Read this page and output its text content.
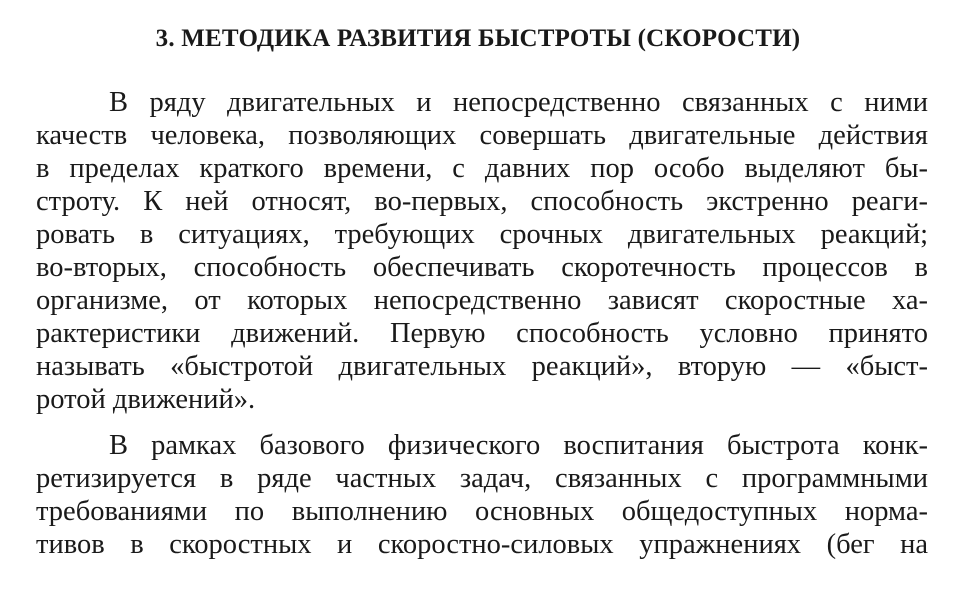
3. МЕТОДИКА РАЗВИТИЯ БЫСТРОТЫ (СКОРОСТИ)
В ряду двигательных и непосредственно связанных с ними
качеств человека, позволяющих совершать двигательные действия
в пределах краткого времени, с давних пор особо выделяют бы-
строту. К ней относят, во-первых, способность экстренно реаги-
ровать в ситуациях, требующих срочных двигательных реакций;
во-вторых, способность обеспечивать скоротечность процессов в
организме, от которых непосредственно зависят скоростные ха-
рактеристики движений. Первую способность условно принято
называть «быстротой двигательных реакций», вторую — «быст-
ротой движений».
В рамках базового физического воспитания быстрота конк-
ретизируется в ряде частных задач, связанных с программными
требованиями по выполнению основных общедоступных норма-
тивов в скоростных и скоростно-силовых упражнениях (бег на
